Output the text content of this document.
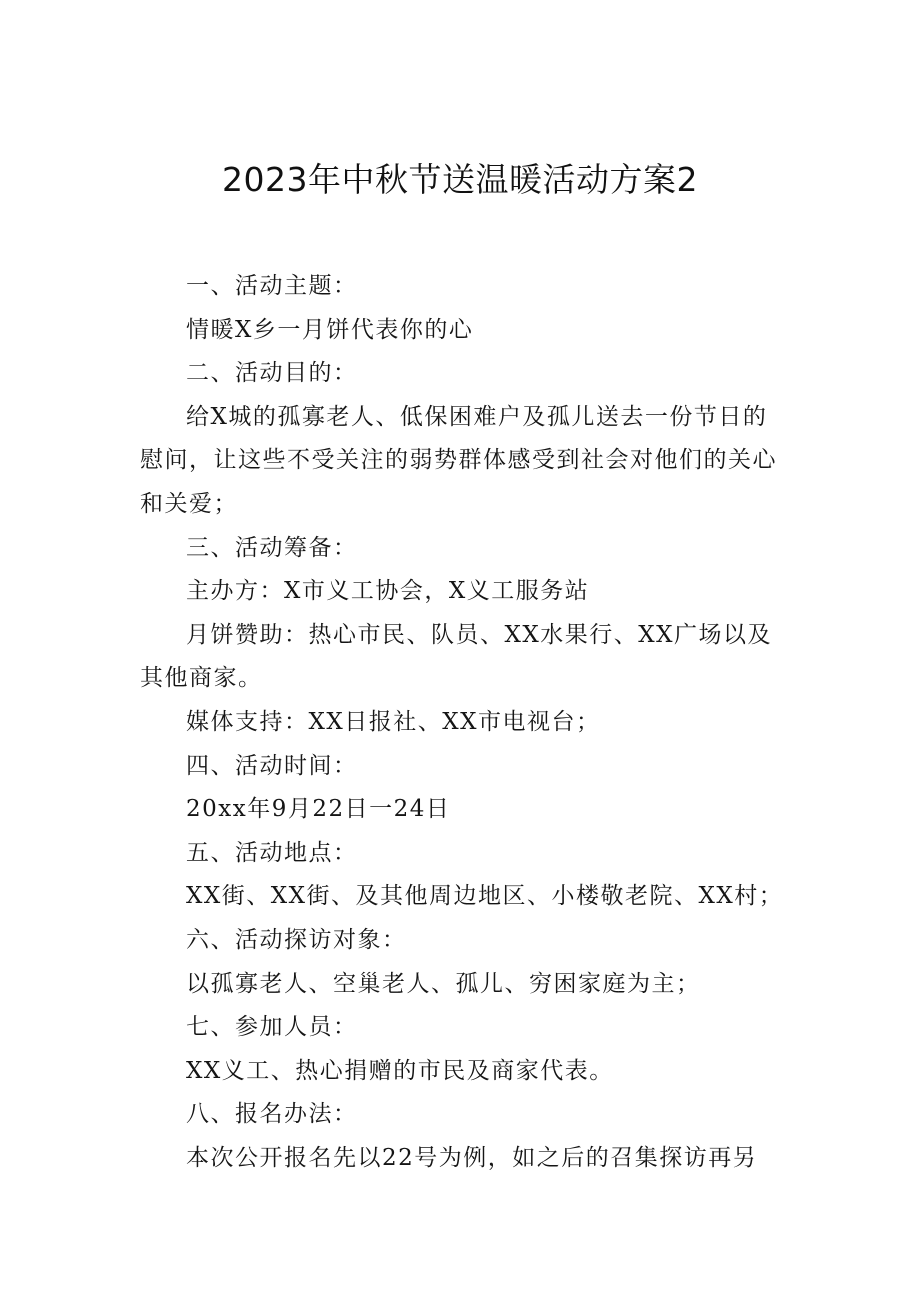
2023年中秋节送温暖活动方案2

一、活动主题：

情暖X乡一月饼代表你的心

二、活动目的：

给X城的孤寡老人、低保困难户及孤儿送去一份节日的慰问，让这些不受关注的弱势群体感受到社会对他们的关心和关爱；

三、活动筹备：

主办方：X市义工协会，X义工服务站

月饼赞助：热心市民、队员、XX水果行、XX广场以及其他商家。

媒体支持：XX日报社、XX市电视台；

四、活动时间：

20xx年9月22日一24日

五、活动地点：

XX街、XX街、及其他周边地区、小楼敬老院、XX村；

六、活动探访对象：

以孤寡老人、空巢老人、孤儿、穷困家庭为主；

七、参加人员：

XX义工、热心捐赠的市民及商家代表。

八、报名办法：

本次公开报名先以22号为例，如之后的召集探访再另
